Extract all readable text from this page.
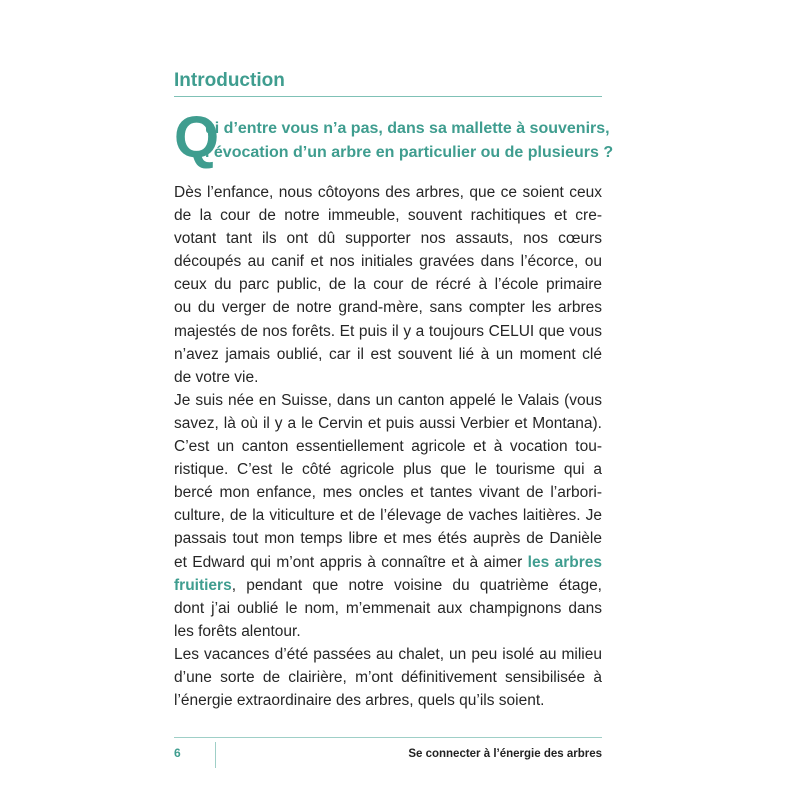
Introduction
Q
ui d’entre vous n’a pas, dans sa mallette à souvenirs,
l’évocation d’un arbre en particulier ou de plusieurs ?
Dès l’enfance, nous côtoyons des arbres, que ce soient ceux
de la cour de notre immeuble, souvent rachitiques et cre-
votant tant ils ont dû supporter nos assauts, nos cœurs
découpés au canif et nos initiales gravées dans l’écorce, ou
ceux du parc public, de la cour de récré à l’école primaire
ou du verger de notre grand-mère, sans compter les arbres
majestés de nos forêts. Et puis il y a toujours CELUI que vous
n’avez jamais oublié, car il est souvent lié à un moment clé
de votre vie.
Je suis née en Suisse, dans un canton appelé le Valais (vous
savez, là où il y a le Cervin et puis aussi Verbier et Montana).
C’est un canton essentiellement agricole et à vocation tou-
ristique. C’est le côté agricole plus que le tourisme qui a
bercé mon enfance, mes oncles et tantes vivant de l’arbori-
culture, de la viticulture et de l’élevage de vaches laitières. Je
passais tout mon temps libre et mes étés auprès de Danièle
et Edward qui m’ont appris à connaître et à aimer les arbres
fruitiers, pendant que notre voisine du quatrième étage,
dont j’ai oublié le nom, m’emmenait aux champignons dans
les forêts alentour.
Les vacances d’été passées au chalet, un peu isolé au milieu
d’une sorte de clairière, m’ont définitivement sensibilisée à
l’énergie extraordinaire des arbres, quels qu’ils soient.
6	Se connecter à l’énergie des arbres
